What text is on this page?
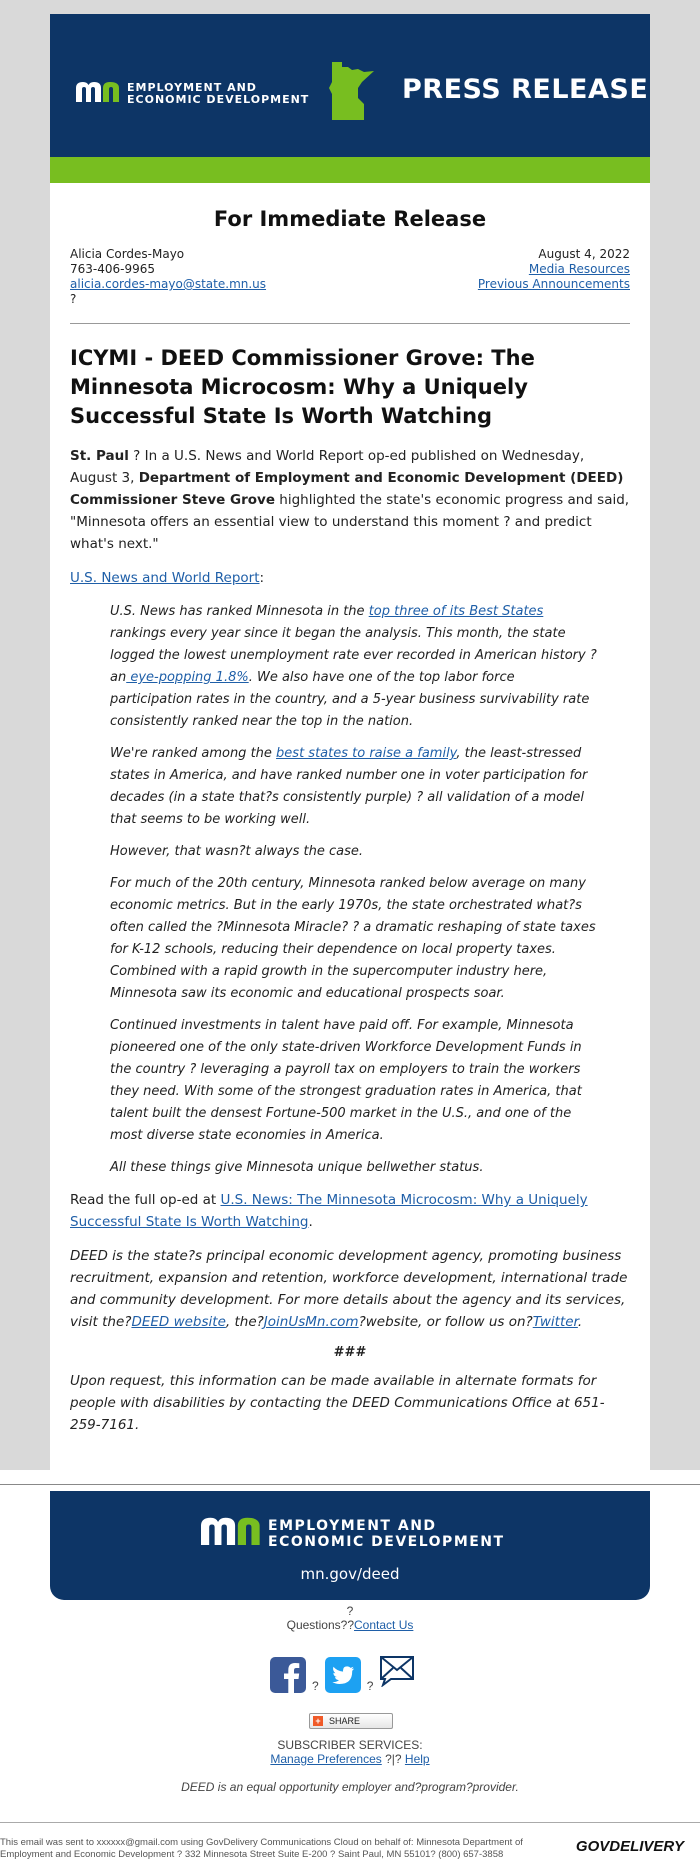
EMPLOYMENT AND
ECONOMIC DEVELOPMENT	PRESS RELEASE
For Immediate Release
Alicia Cordes-Mayo
763-406-9965
alicia.cordes-mayo@state.mn.us
?
August 4, 2022
Media Resources
Previous Announcements
ICYMI - DEED Commissioner Grove: The Minnesota Microcosm: Why a Uniquely Successful State Is Worth Watching

St. Paul ? In a U.S. News and World Report op-ed published on Wednesday, August 3, Department of Employment and Economic Development (DEED) Commissioner Steve Grove highlighted the state's economic progress and said, "Minnesota offers an essential view to understand this moment ? and predict what's next."

U.S. News and World Report:

U.S. News has ranked Minnesota in the top three of its Best States rankings every year since it began the analysis. This month, the state logged the lowest unemployment rate ever recorded in American history ? an eye-popping 1.8%. We also have one of the top labor force participation rates in the country, and a 5-year business survivability rate consistently ranked near the top in the nation.

We're ranked among the best states to raise a family, the least-stressed states in America, and have ranked number one in voter participation for decades (in a state that?s consistently purple) ? all validation of a model that seems to be working well.

However, that wasn?t always the case.

For much of the 20th century, Minnesota ranked below average on many economic metrics. But in the early 1970s, the state orchestrated what?s often called the ?Minnesota Miracle? ? a dramatic reshaping of state taxes for K-12 schools, reducing their dependence on local property taxes. Combined with a rapid growth in the supercomputer industry here, Minnesota saw its economic and educational prospects soar.

Continued investments in talent have paid off. For example, Minnesota pioneered one of the only state-driven Workforce Development Funds in the country ? leveraging a payroll tax on employers to train the workers they need. With some of the strongest graduation rates in America, that talent built the densest Fortune-500 market in the U.S., and one of the most diverse state economies in America.

All these things give Minnesota unique bellwether status.

Read the full op-ed at U.S. News: The Minnesota Microcosm: Why a Uniquely Successful State Is Worth Watching.

DEED is the state?s principal economic development agency, promoting business recruitment, expansion and retention, workforce development, international trade and community development. For more details about the agency and its services, visit the?DEED website, the?JoinUsMn.com?website, or follow us on?Twitter.

###

Upon request, this information can be made available in alternate formats for people with disabilities by contacting the DEED Communications Office at 651-259-7161.

EMPLOYMENT AND
ECONOMIC DEVELOPMENT
mn.gov/deed
?
Questions??Contact Us
?	?
+ SHARE
SUBSCRIBER SERVICES:
Manage Preferences ?|? Help
DEED is an equal opportunity employer and?program?provider.
This email was sent to xxxxxx@gmail.com using GovDelivery Communications Cloud on behalf of: Minnesota Department of Employment and Economic Development ? 332 Minnesota Street Suite E-200 ? Saint Paul, MN 55101? (800) 657-3858	GOVDELIVERY
